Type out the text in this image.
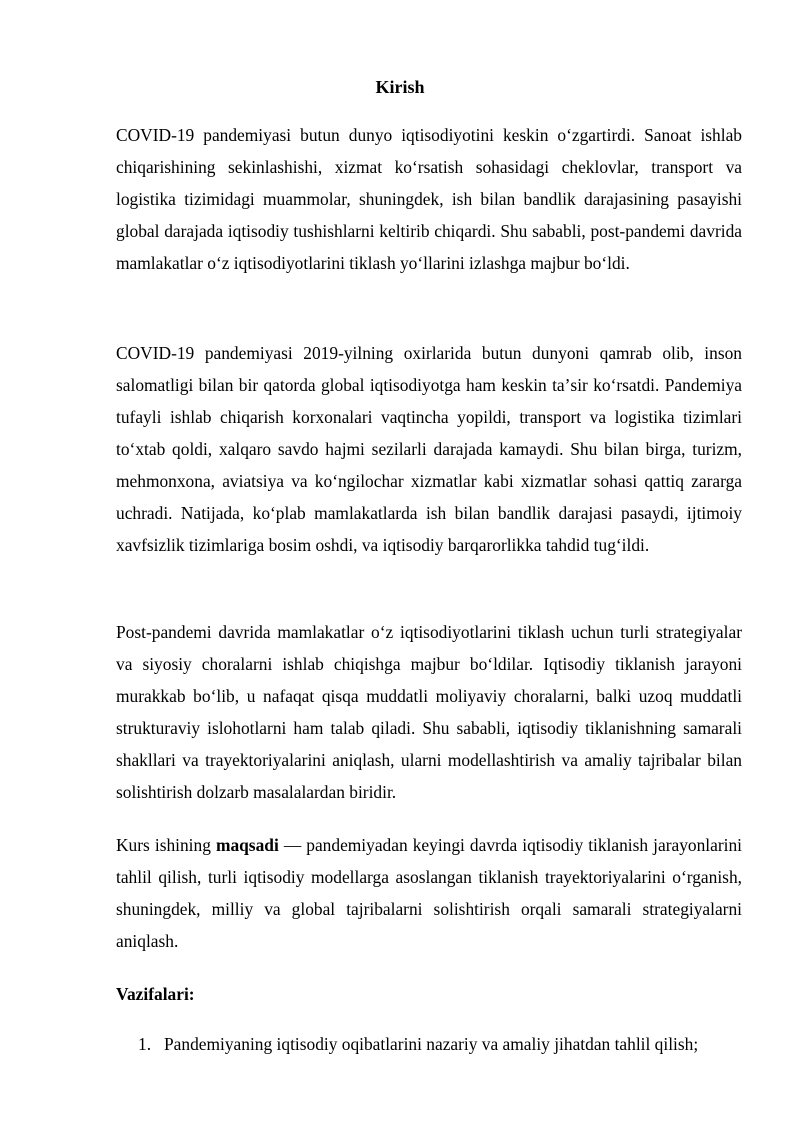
Kirish

COVID-19 pandemiyasi butun dunyo iqtisodiyotini keskin oʻzgartirdi. Sanoat ishlab chiqarishining sekinlashishi, xizmat koʻrsatish sohasidagi cheklovlar, transport va logistika tizimidagi muammolar, shuningdek, ish bilan bandlik darajasining pasayishi global darajada iqtisodiy tushishlarni keltirib chiqardi. Shu sababli, post-pandemi davrida mamlakatlar oʻz iqtisodiyotlarini tiklash yoʻllarini izlashga majbur boʻldi.

COVID-19 pandemiyasi 2019-yilning oxirlarida butun dunyoni qamrab olib, inson salomatligi bilan bir qatorda global iqtisodiyotga ham keskin taʼsir koʻrsatdi. Pandemiya tufayli ishlab chiqarish korxonalari vaqtincha yopildi, transport va logistika tizimlari toʻxtab qoldi, xalqaro savdo hajmi sezilarli darajada kamaydi. Shu bilan birga, turizm, mehmonxona, aviatsiya va koʻngilochar xizmatlar kabi xizmatlar sohasi qattiq zararga uchradi. Natijada, koʻplab mamlakatlarda ish bilan bandlik darajasi pasaydi, ijtimoiy xavfsizlik tizimlariga bosim oshdi, va iqtisodiy barqarorlikka tahdid tugʻildi.

Post-pandemi davrida mamlakatlar oʻz iqtisodiyotlarini tiklash uchun turli strategiyalar va siyosiy choralarni ishlab chiqishga majbur boʻldilar. Iqtisodiy tiklanish jarayoni murakkab boʻlib, u nafaqat qisqa muddatli moliyaviy choralarni, balki uzoq muddatli strukturaviy islohotlarni ham talab qiladi. Shu sababli, iqtisodiy tiklanishning samarali shakllari va trayektoriyalarini aniqlash, ularni modellashtirish va amaliy tajribalar bilan solishtirish dolzarb masalalardan biridir.

Kurs ishining maqsadi — pandemiyadan keyingi davrda iqtisodiy tiklanish jarayonlarini tahlil qilish, turli iqtisodiy modellarga asoslangan tiklanish trayektoriyalarini oʻrganish, shuningdek, milliy va global tajribalarni solishtirish orqali samarali strategiyalarni aniqlash.

Vazifalari:
1. Pandemiyaning iqtisodiy oqibatlarini nazariy va amaliy jihatdan tahlil qilish;
